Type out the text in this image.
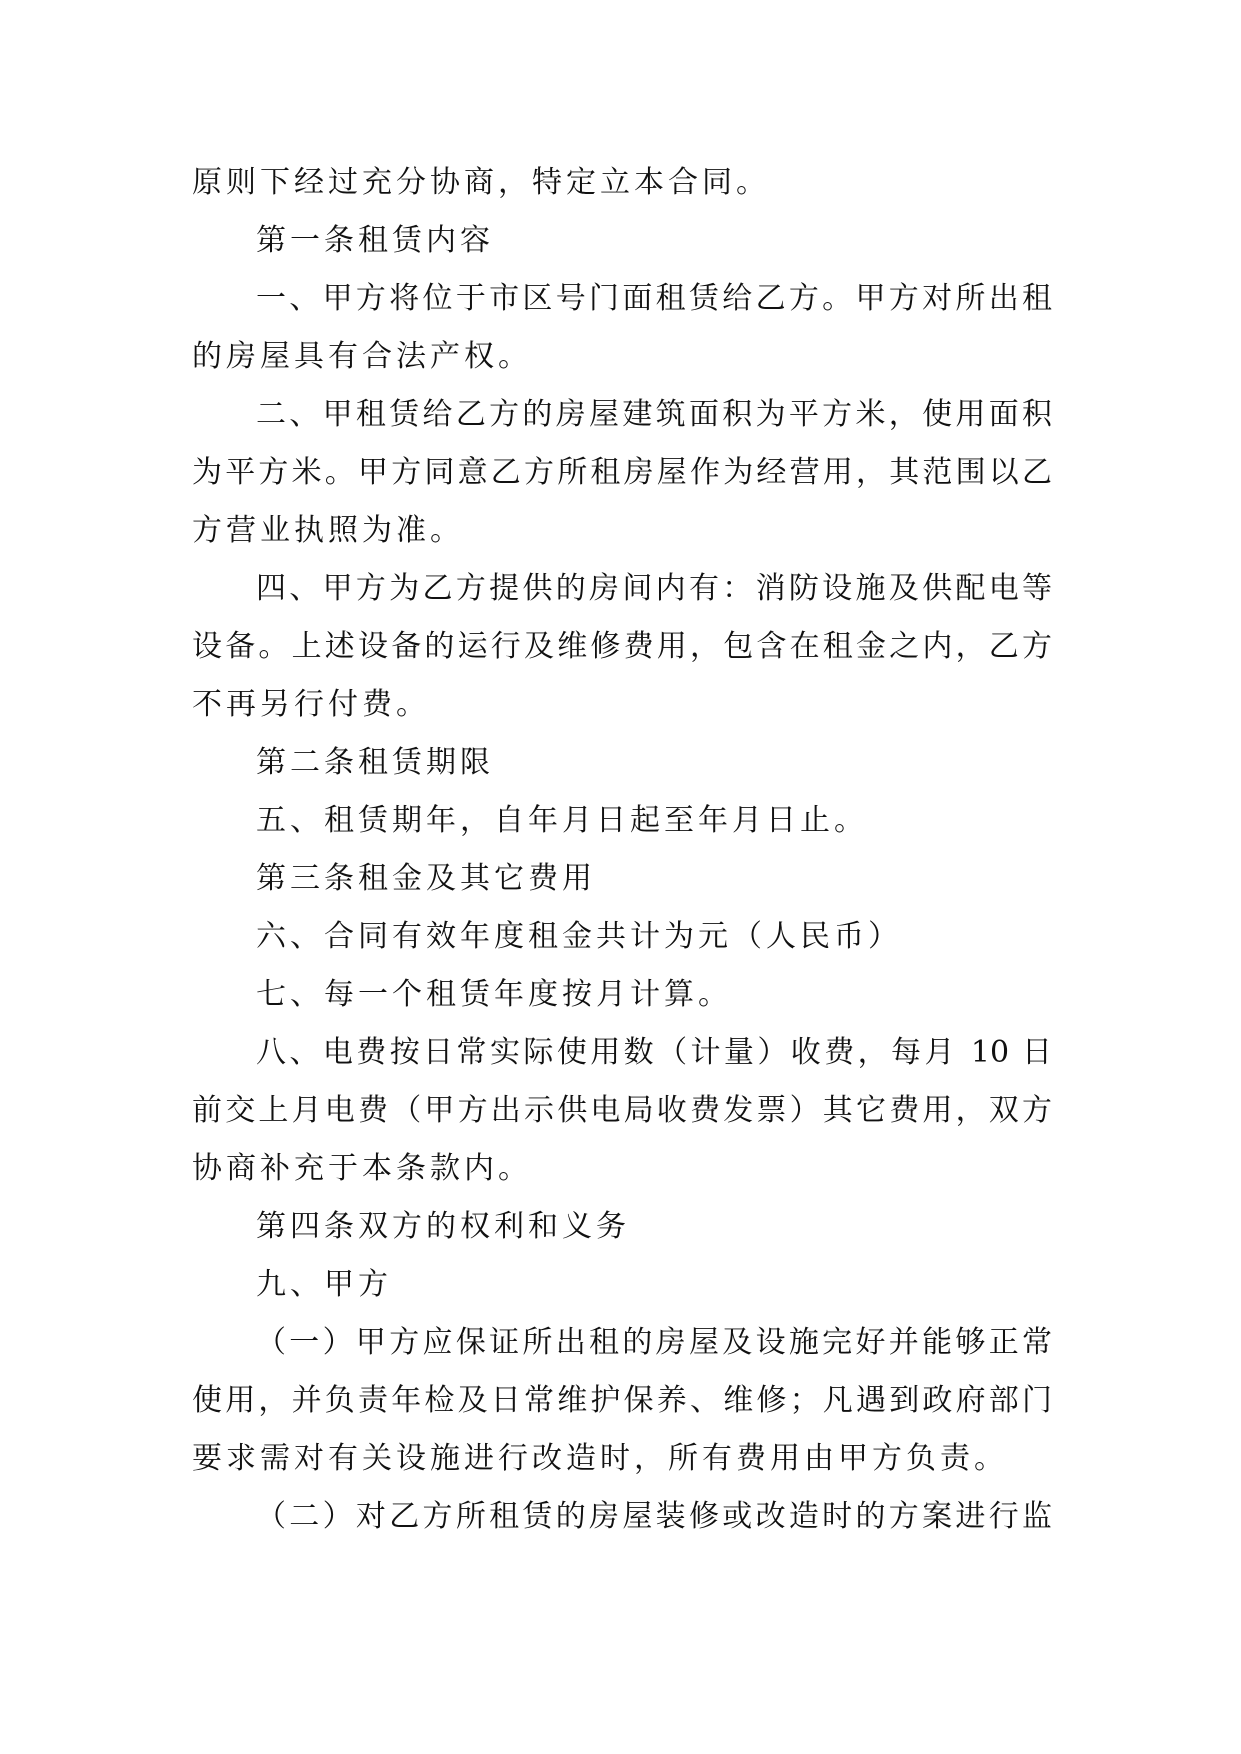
原则下经过充分协商，特定立本合同。
第一条租赁内容
一、甲方将位于市区号门面租赁给乙方。甲方对所出租
的房屋具有合法产权。
二、甲租赁给乙方的房屋建筑面积为平方米，使用面积
为平方米。甲方同意乙方所租房屋作为经营用，其范围以乙
方营业执照为准。
四、甲方为乙方提供的房间内有：消防设施及供配电等
设备。上述设备的运行及维修费用，包含在租金之内，乙方
不再另行付费。
第二条租赁期限
五、租赁期年，自年月日起至年月日止。
第三条租金及其它费用
六、合同有效年度租金共计为元（人民币）
七、每一个租赁年度按月计算。
八、电费按日常实际使用数（计量）收费，每月 10 日
前交上月电费（甲方出示供电局收费发票）其它费用，双方
协商补充于本条款内。
第四条双方的权利和义务
九、甲方
（一）甲方应保证所出租的房屋及设施完好并能够正常
使用，并负责年检及日常维护保养、维修；凡遇到政府部门
要求需对有关设施进行改造时，所有费用由甲方负责。
（二）对乙方所租赁的房屋装修或改造时的方案进行监
